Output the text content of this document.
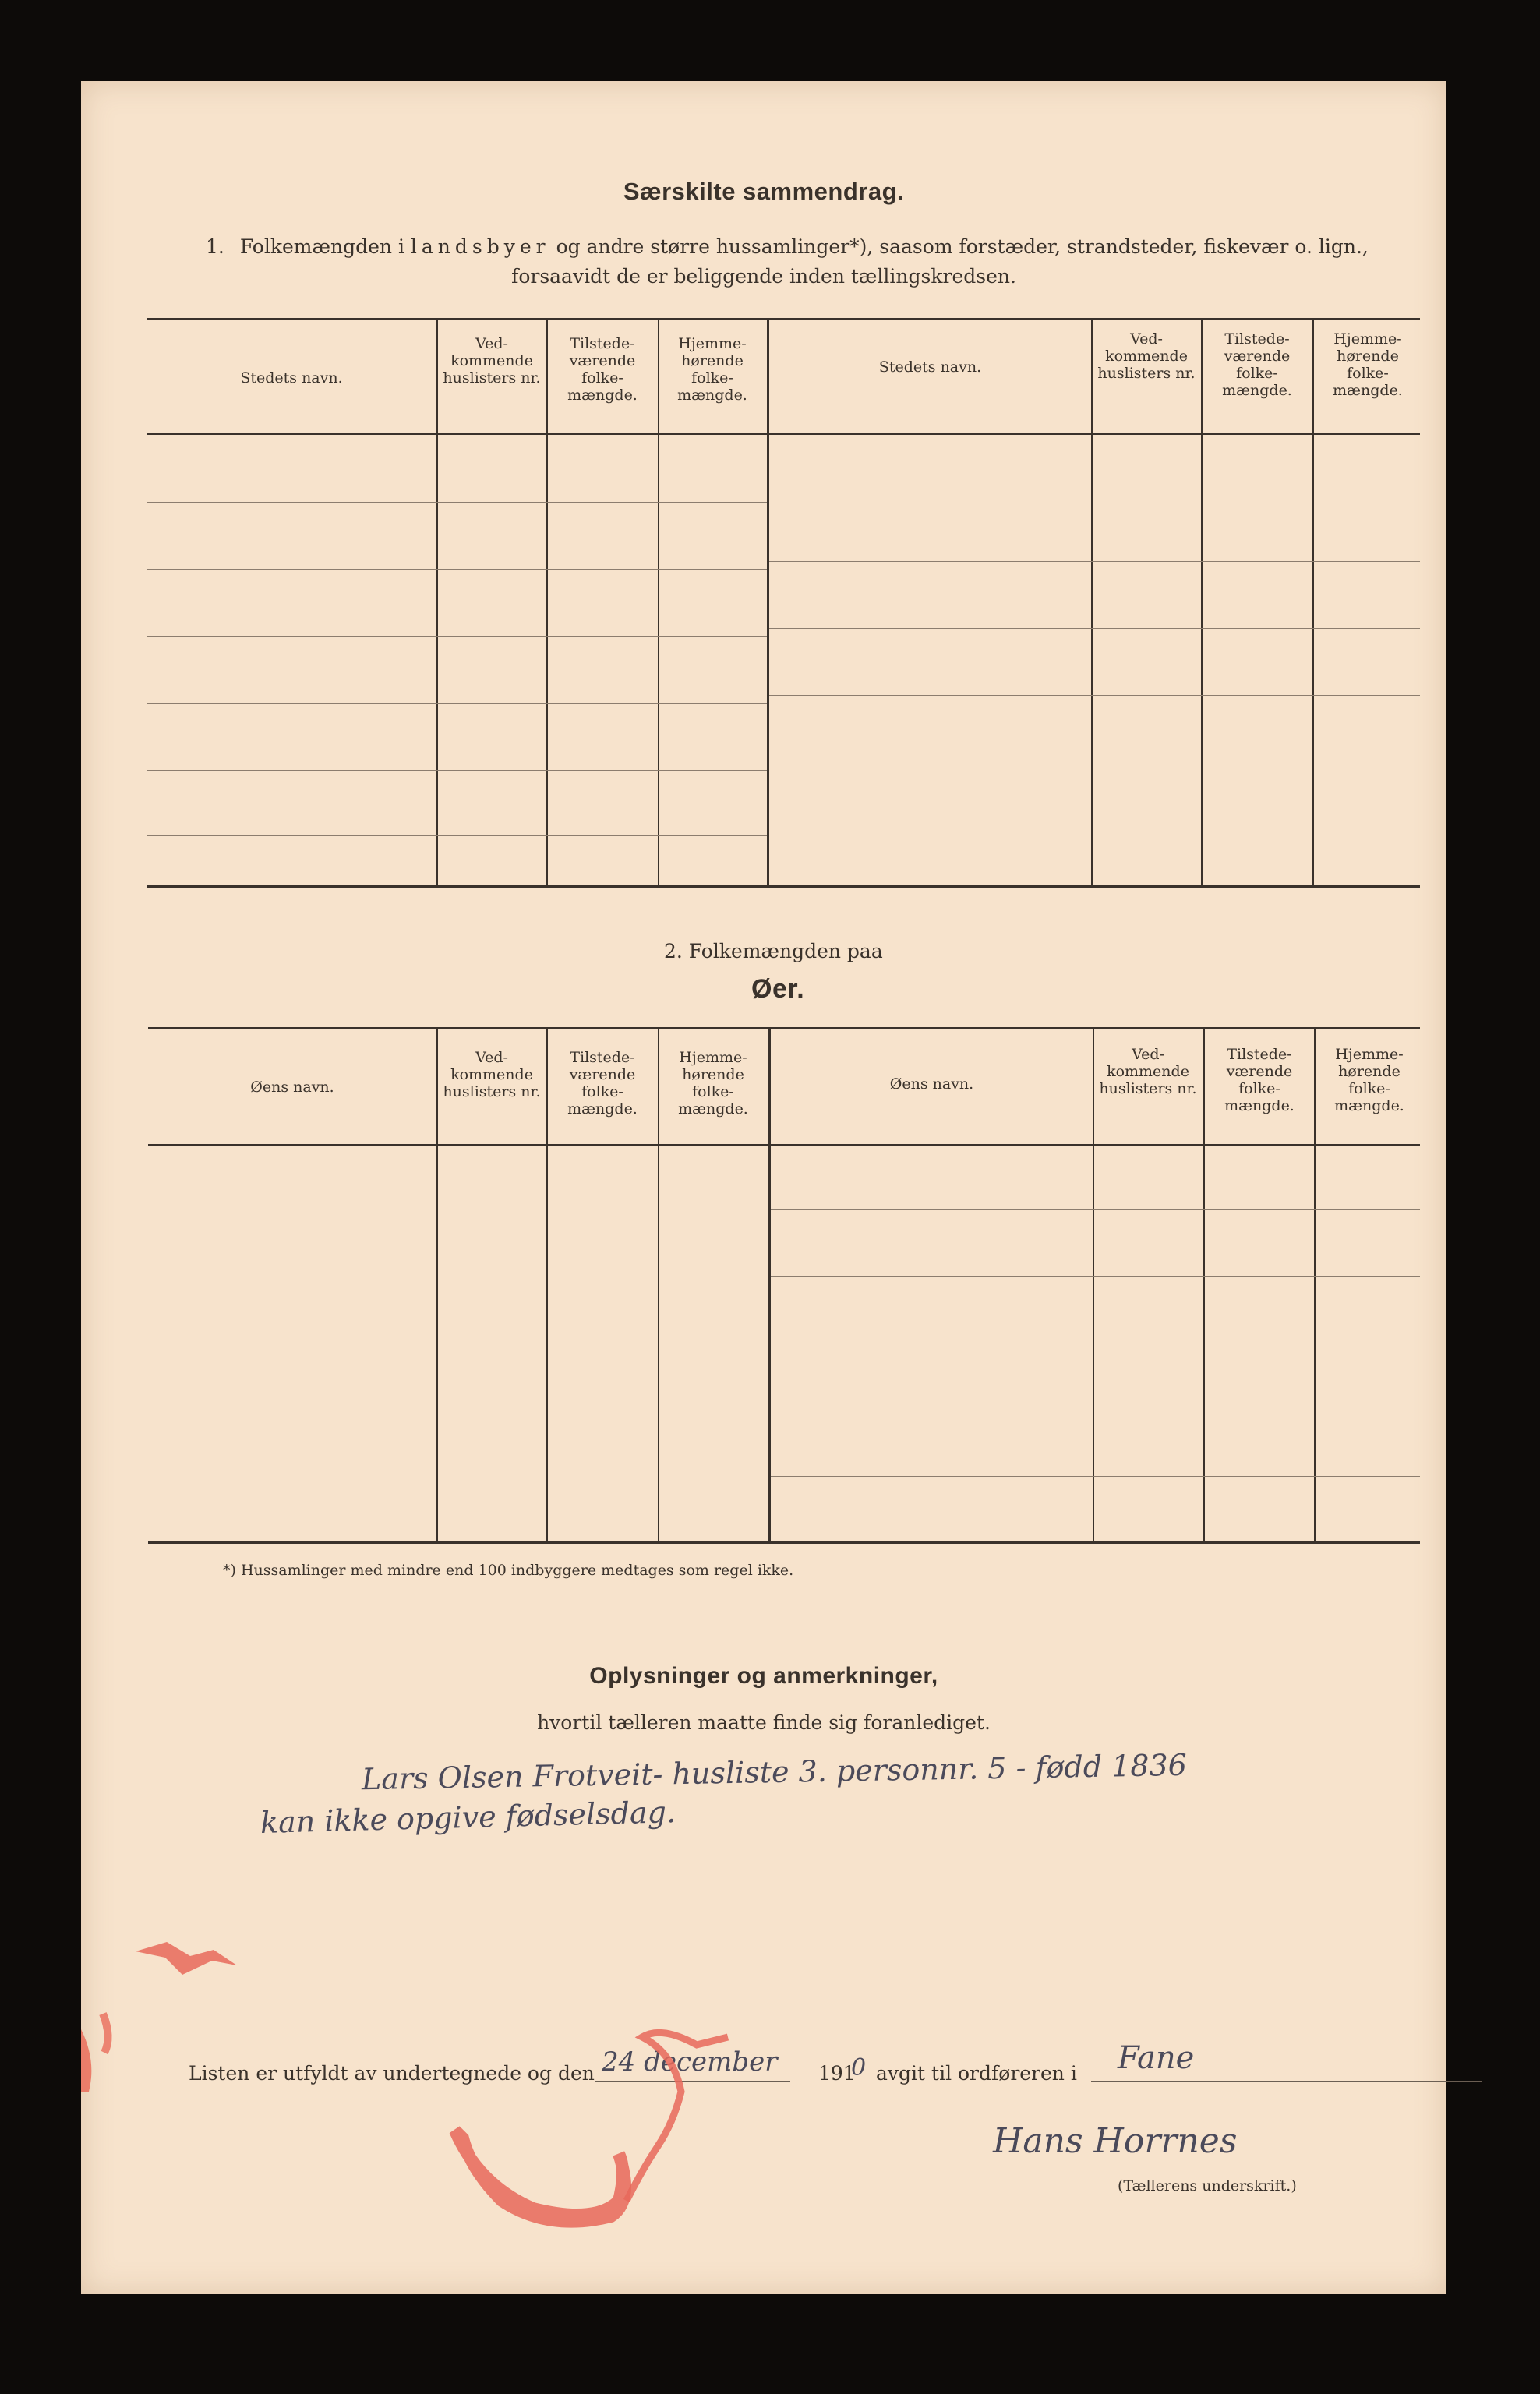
Særskilte sammendrag.
1. Folkemængden i landsbyer og andre større hussamlinger*), saasom forstæder, strandsteder, fiskevær o. lign.,
forsaavidt de er beliggende inden tællingskredsen.
Stedets navn.
Ved- kommende huslisters nr.
Tilstede- værende folke- mængde.
Hjemme- hørende folke- mængde.
Stedets navn.
Ved- kommende huslisters nr.
Tilstede- værende folke- mængde.
Hjemme- hørende folke- mængde.
2. Folkemængden paa
Øer.
Øens navn.
Ved- kommende huslisters nr.
Tilstede- værende folke- mængde.
Hjemme- hørende folke- mængde.
Øens navn.
Ved- kommende huslisters nr.
Tilstede- værende folke- mængde.
Hjemme- hørende folke- mængde.
*) Hussamlinger med mindre end 100 indbyggere medtages som regel ikke.
Oplysninger og anmerkninger,
hvortil tælleren maatte finde sig foranlediget.
Lars Olsen Frotveit- husliste 3. personnr. 5 - fødd 1836
kan ikke opgive fødselsdag.
Listen er utfyldt av undertegnede og den 24 december 191
0 avgit til ordføreren i Fane
Hans Horrnes
(Tællerens underskrift.)
